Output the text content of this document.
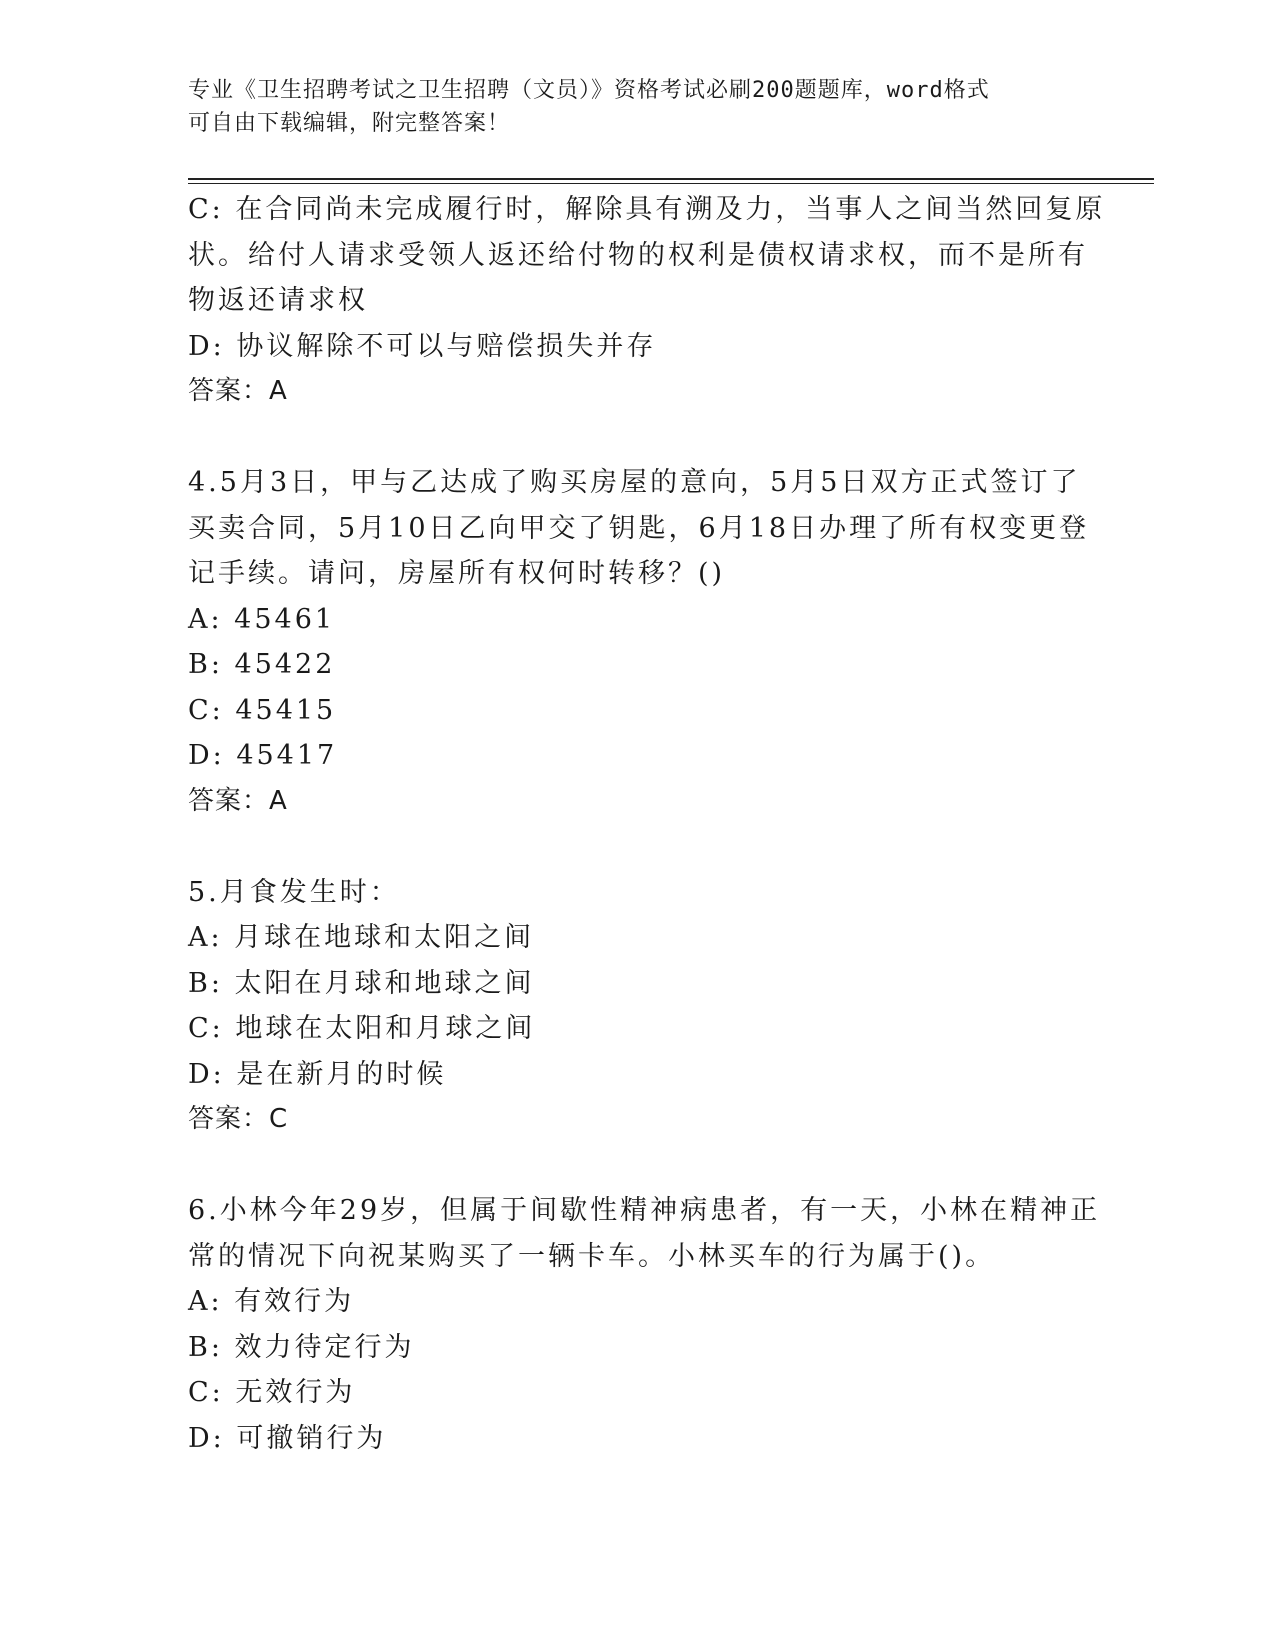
专业《卫生招聘考试之卫生招聘（文员）》资格考试必刷200题题库，word格式
可自由下载编辑，附完整答案！
C: 在合同尚未完成履行时，解除具有溯及力，当事人之间当然回复原
状。给付人请求受领人返还给付物的权利是债权请求权，而不是所有
物返还请求权
D: 协议解除不可以与赔偿损失并存
答案：A
4.5月3日，甲与乙达成了购买房屋的意向，5月5日双方正式签订了
买卖合同，5月10日乙向甲交了钥匙，6月18日办理了所有权变更登
记手续。请问，房屋所有权何时转移？()
A: 45461
B: 45422
C: 45415
D: 45417
答案：A
5.月食发生时：
A: 月球在地球和太阳之间
B: 太阳在月球和地球之间
C: 地球在太阳和月球之间
D: 是在新月的时候
答案：C
6.小林今年29岁，但属于间歇性精神病患者，有一天，小林在精神正
常的情况下向祝某购买了一辆卡车。小林买车的行为属于()。
A: 有效行为
B: 效力待定行为
C: 无效行为
D: 可撤销行为
